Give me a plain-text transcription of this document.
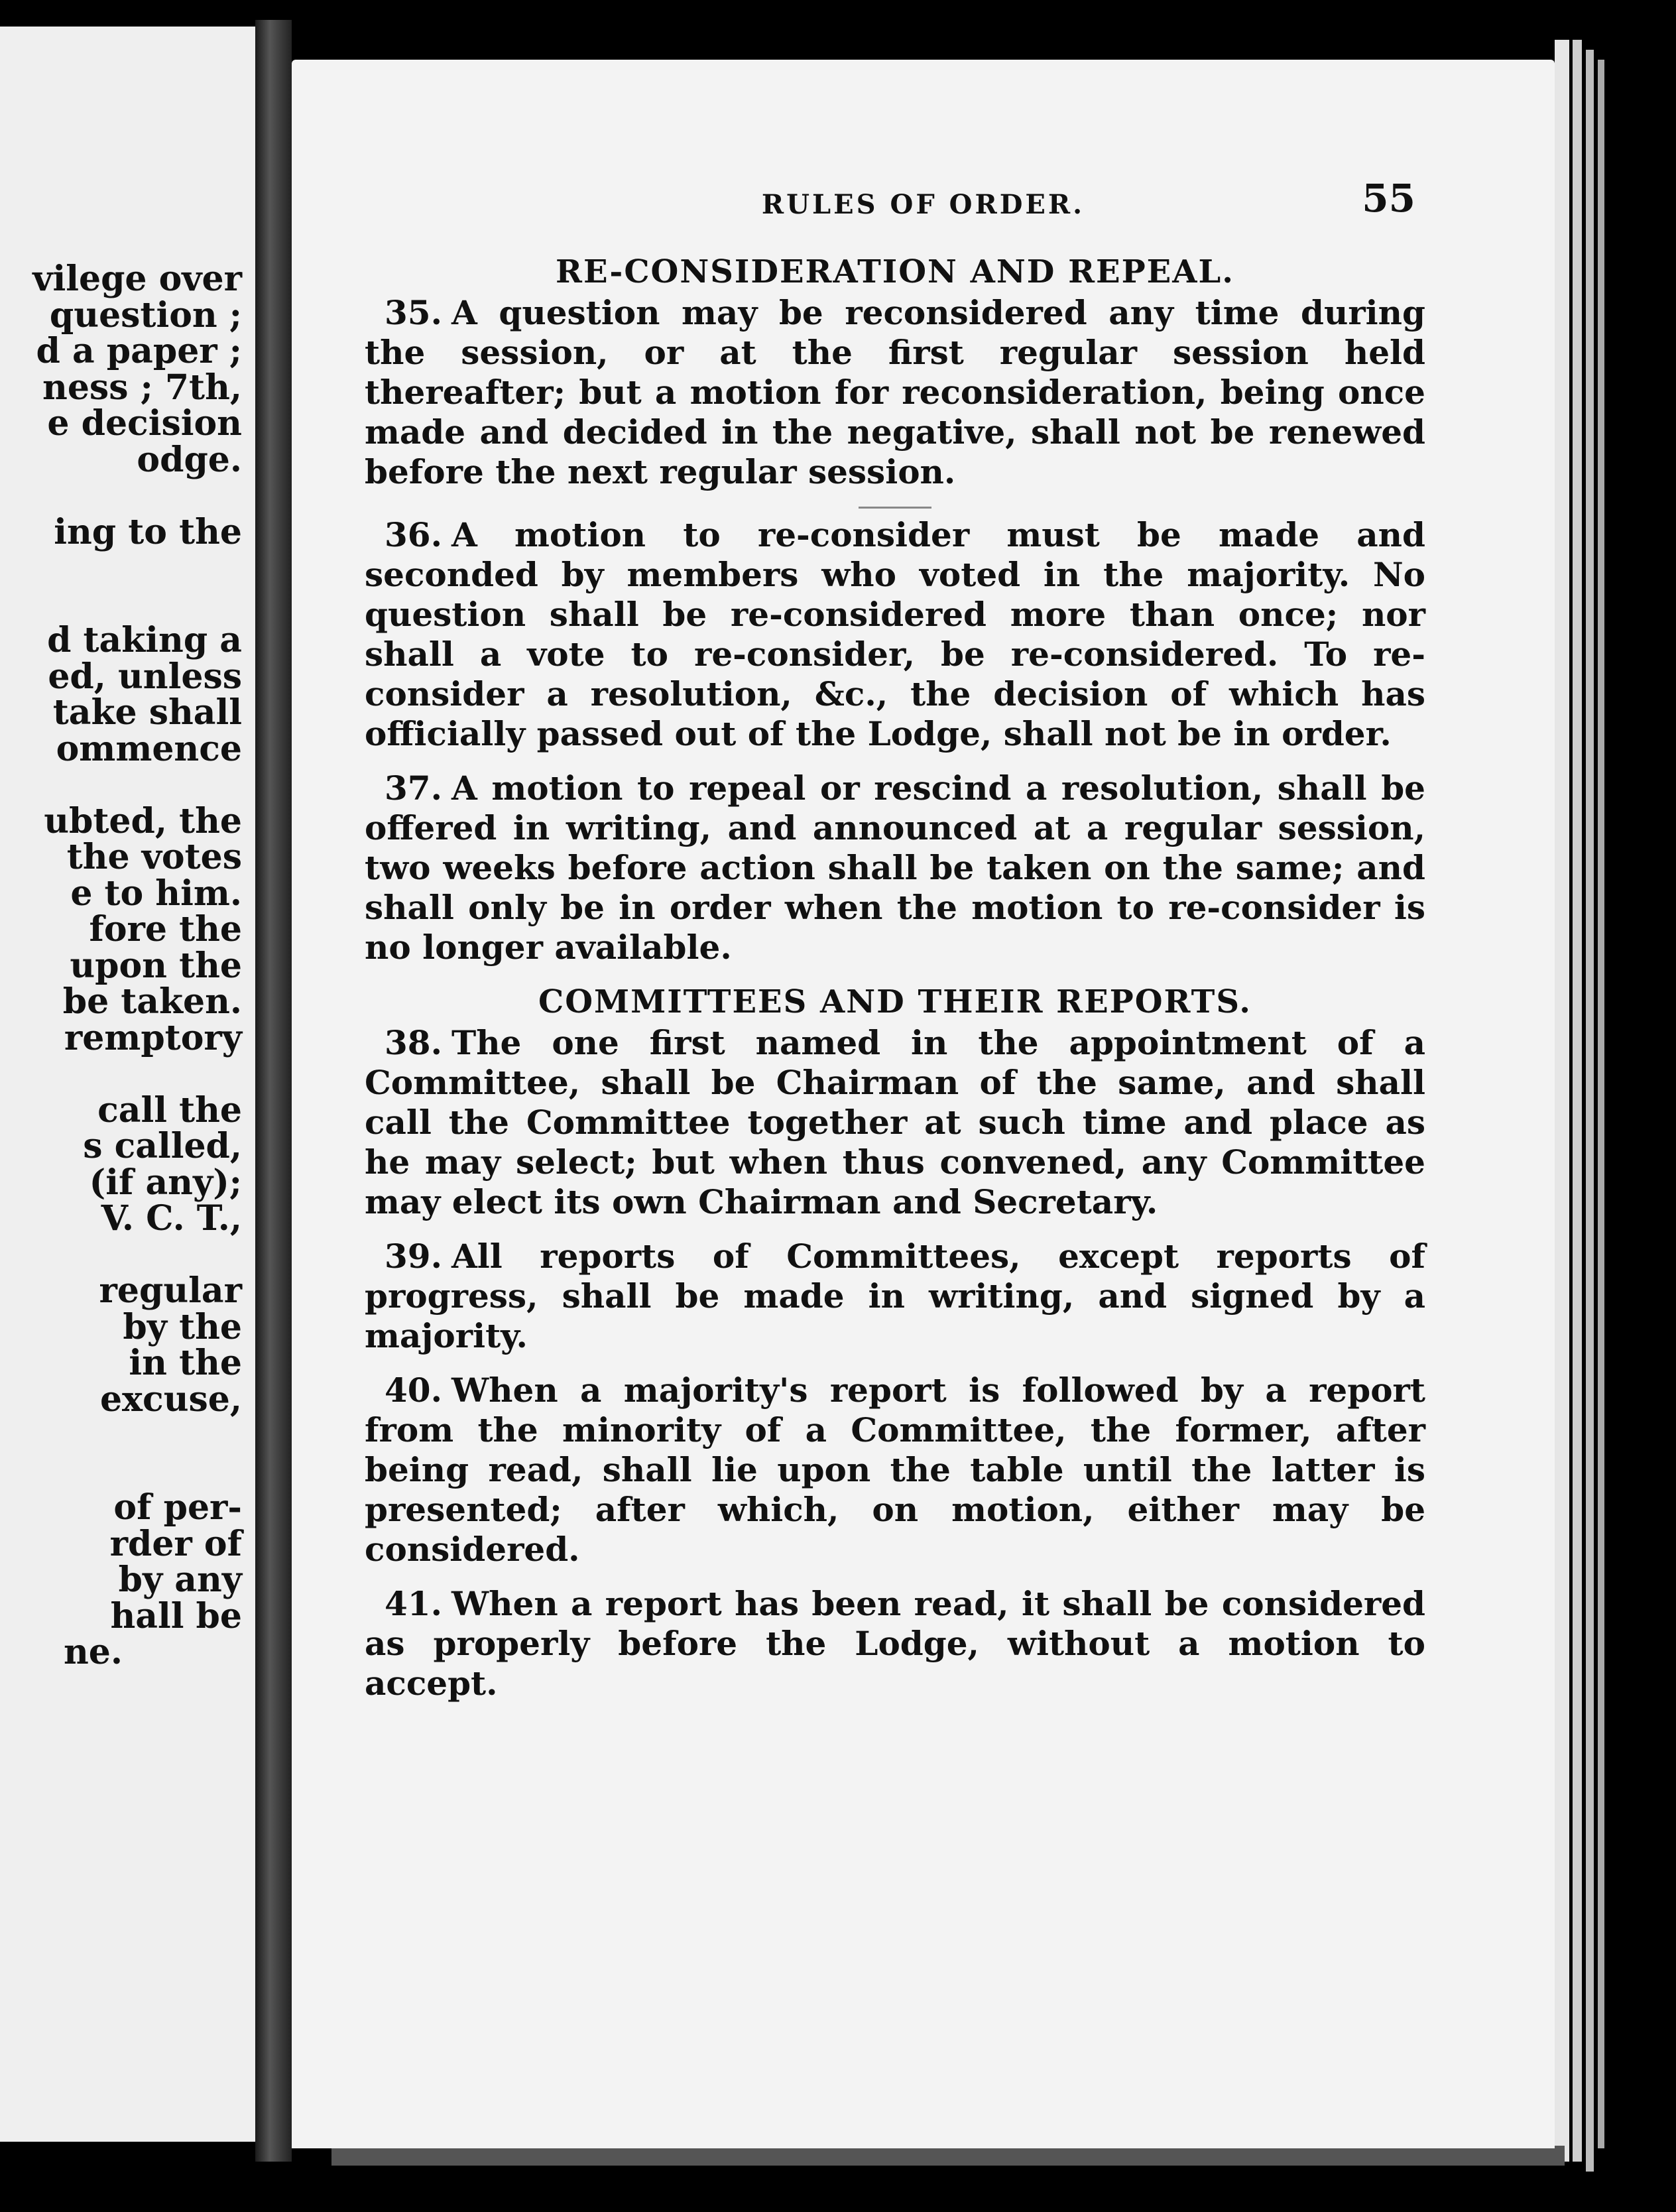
vilege over
question ;
d a paper ;
ness ; 7th,
e decision
odge.
ing to the
d taking a
ed, unless
take shall
ommence
ubted, the
the votes
e to him.
fore the
upon the
be taken.
remptory
call the
s called,
(if any);
V. C. T.,
regular
by the
in the
excuse,
of per-
rder of
by any
hall be
ne.
RULES OF ORDER.	55
RE-CONSIDERATION AND REPEAL.

35. A question may be reconsidered any time during the session, or at the first regular session held thereafter; but a motion for reconsideration, being once made and decided in the negative, shall not be renewed before the next regular session.

36. A motion to re-consider must be made and seconded by members who voted in the majority. No question shall be re-considered more than once; nor shall a vote to re-consider, be re-considered. To re-consider a resolution, &c., the decision of which has officially passed out of the Lodge, shall not be in order.

37. A motion to repeal or rescind a resolution, shall be offered in writing, and announced at a regular session, two weeks before action shall be taken on the same; and shall only be in order when the motion to re-consider is no longer available.

COMMITTEES AND THEIR REPORTS.

38. The one first named in the appointment of a Committee, shall be Chairman of the same, and shall call the Committee together at such time and place as he may select; but when thus convened, any Committee may elect its own Chairman and Secretary.

39. All reports of Committees, except reports of progress, shall be made in writing, and signed by a majority.

40. When a majority's report is followed by a report from the minority of a Committee, the former, after being read, shall lie upon the table until the latter is presented; after which, on motion, either may be considered.

41. When a report has been read, it shall be considered as properly before the Lodge, without a motion to accept.
